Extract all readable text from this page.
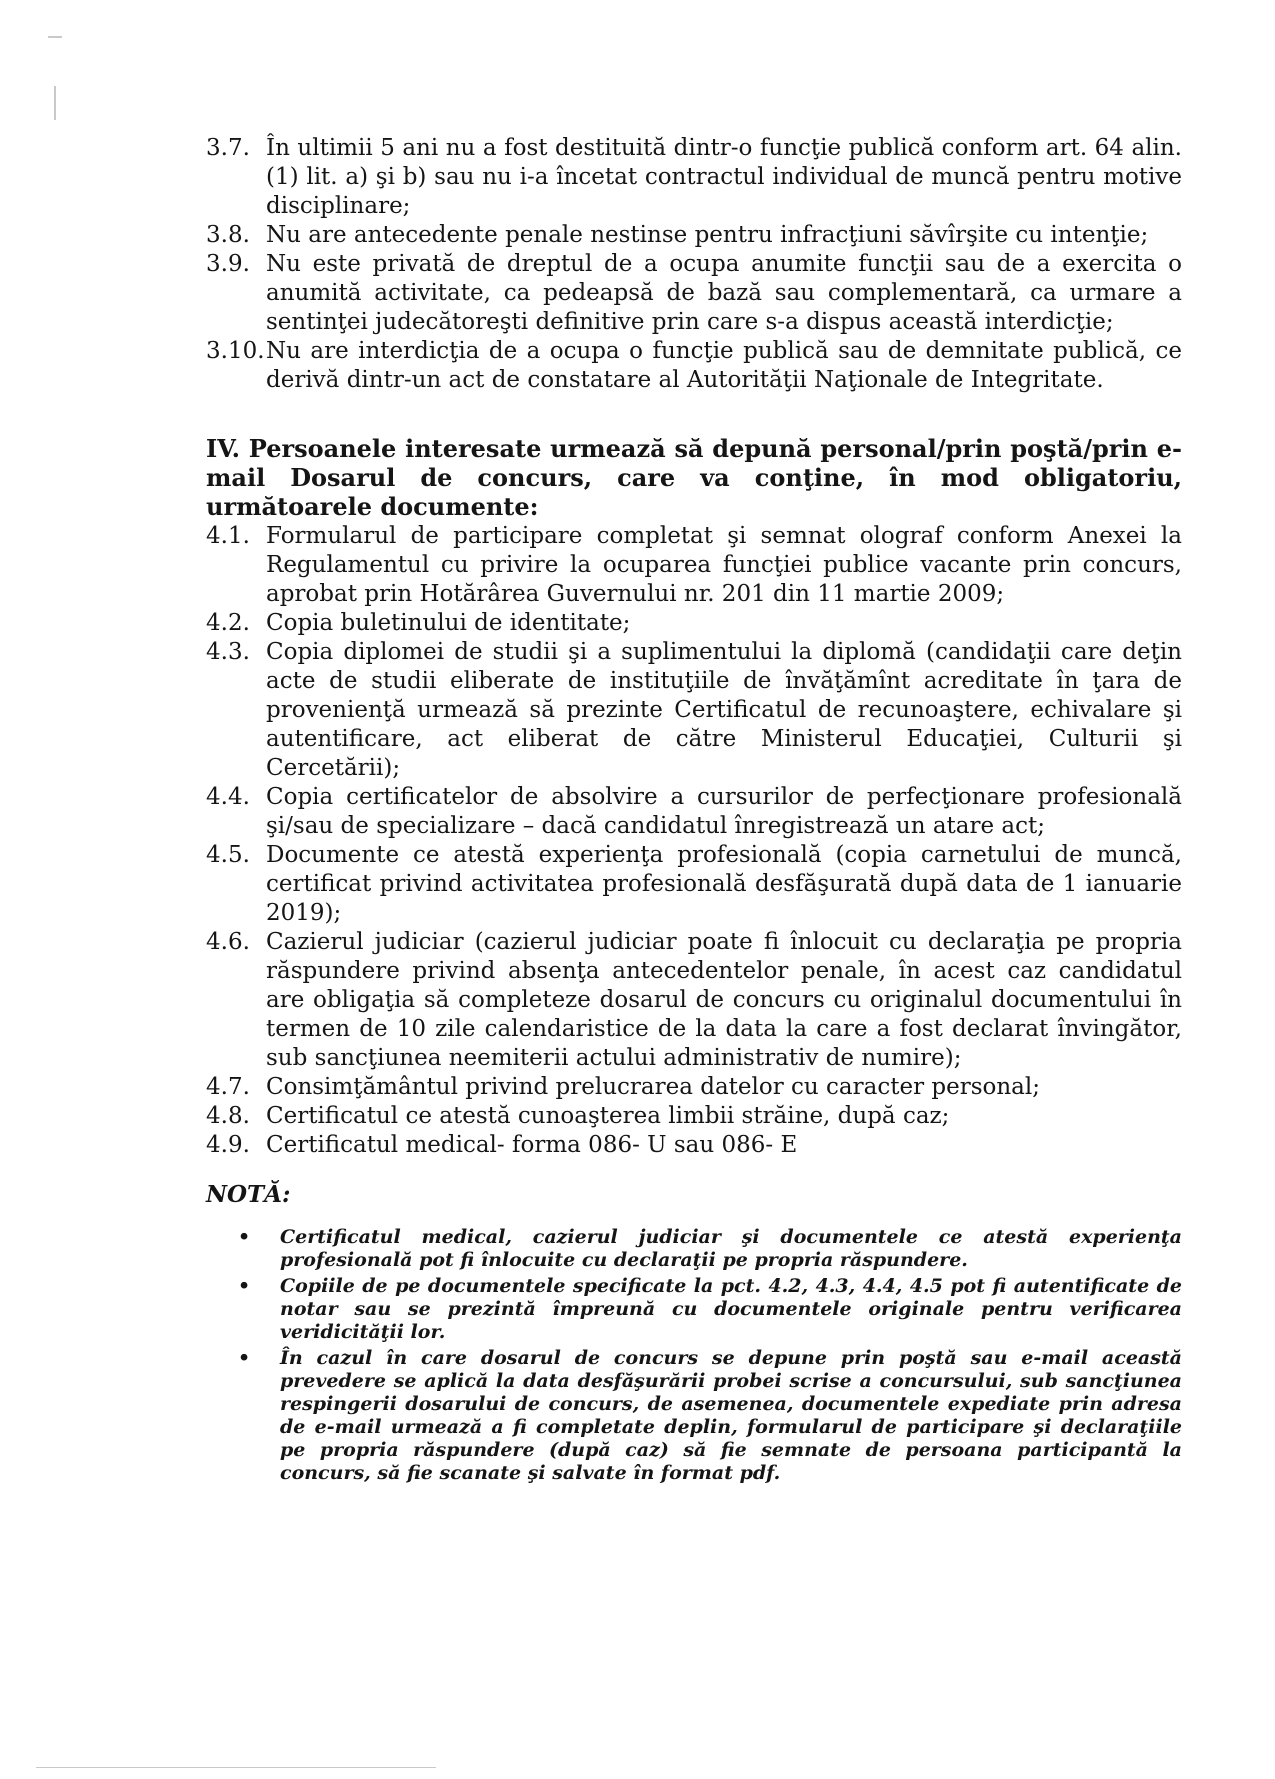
3.7. În ultimii 5 ani nu a fost destituită dintr-o funcţie publică conform art. 64 alin. (1) lit. a) şi b) sau nu i-a încetat contractul individual de muncă pentru motive disciplinare;
3.8. Nu are antecedente penale nestinse pentru infracţiuni săvîrşite cu intenţie;
3.9. Nu este privată de dreptul de a ocupa anumite funcţii sau de a exercita o anumită activitate, ca pedeapsă de bază sau complementară, ca urmare a sentinţei judecătoreşti definitive prin care s-a dispus această interdicţie;
3.10. Nu are interdicţia de a ocupa o funcţie publică sau de demnitate publică, ce derivă dintr-un act de constatare al Autorităţii Naţionale de Integritate.

IV. Persoanele interesate urmează să depună personal/prin poştă/prin e-mail Dosarul de concurs, care va conţine, în mod obligatoriu, următoarele documente:

4.1. Formularul de participare completat şi semnat olograf conform Anexei la Regulamentul cu privire la ocuparea funcţiei publice vacante prin concurs, aprobat prin Hotărârea Guvernului nr. 201 din 11 martie 2009;
4.2. Copia buletinului de identitate;
4.3. Copia diplomei de studii şi a suplimentului la diplomă (candidaţii care deţin acte de studii eliberate de instituţiile de învăţămînt acreditate în ţara de provenienţă urmează să prezinte Certificatul de recunoaştere, echivalare şi autentificare, act eliberat de către Ministerul Educaţiei, Culturii şi Cercetării);
4.4. Copia certificatelor de absolvire a cursurilor de perfecţionare profesională şi/sau de specializare – dacă candidatul înregistrează un atare act;
4.5. Documente ce atestă experienţa profesională (copia carnetului de muncă, certificat privind activitatea profesională desfăşurată după data de 1 ianuarie 2019);
4.6. Cazierul judiciar (cazierul judiciar poate fi înlocuit cu declaraţia pe propria răspundere privind absenţa antecedentelor penale, în acest caz candidatul are obligaţia să completeze dosarul de concurs cu originalul documentului în termen de 10 zile calendaristice de la data la care a fost declarat învingător, sub sancţiunea neemiterii actului administrativ de numire);
4.7. Consimţământul privind prelucrarea datelor cu caracter personal;
4.8. Certificatul ce atestă cunoaşterea limbii străine, după caz;
4.9. Certificatul medical- forma 086- U sau 086- E

NOTĂ:

•	Certificatul medical, cazierul judiciar şi documentele ce atestă experienţa profesională pot fi înlocuite cu declaraţii pe propria răspundere.
•	Copiile de pe documentele specificate la pct. 4.2, 4.3, 4.4, 4.5 pot fi autentificate de notar sau se prezintă împreună cu documentele originale pentru verificarea veridicităţii lor.
•	În cazul în care dosarul de concurs se depune prin poştă sau e-mail această prevedere se aplică la data desfăşurării probei scrise a concursului, sub sancţiunea respingerii dosarului de concurs, de asemenea, documentele expediate prin adresa de e-mail urmează a fi completate deplin, formularul de participare şi declaraţiile pe propria răspundere (după caz) să fie semnate de persoana participantă la concurs, să fie scanate şi salvate în format pdf.
